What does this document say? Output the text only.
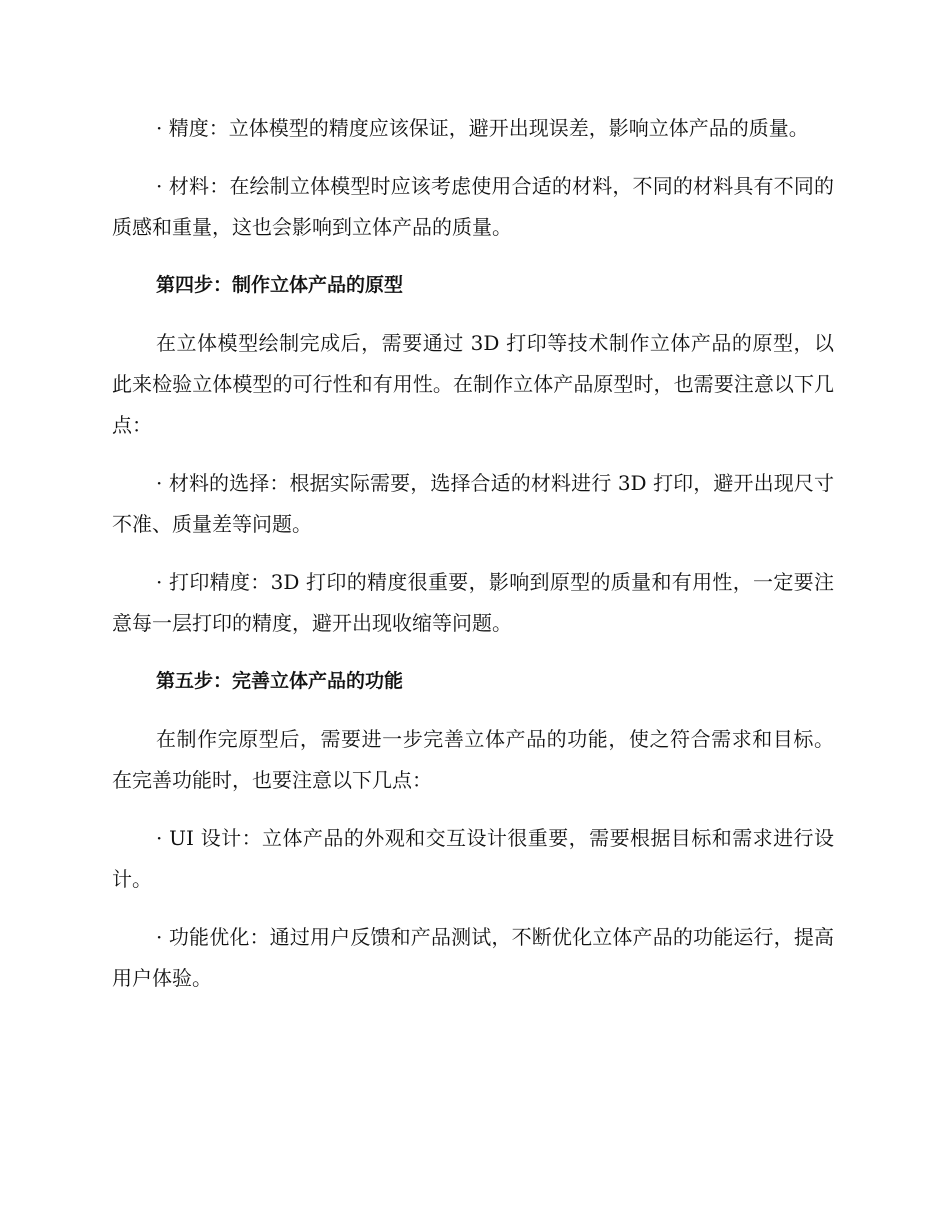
· 精度：立体模型的精度应该保证，避开出现误差，影响立体产品的质量。

· 材料：在绘制立体模型时应该考虑使用合适的材料，不同的材料具有不同的质感和重量，这也会影响到立体产品的质量。

第四步：制作立体产品的原型

在立体模型绘制完成后，需要通过 3D 打印等技术制作立体产品的原型，以此来检验立体模型的可行性和有用性。在制作立体产品原型时，也需要注意以下几点：

· 材料的选择：根据实际需要，选择合适的材料进行 3D 打印，避开出现尺寸不准、质量差等问题。

· 打印精度：3D 打印的精度很重要，影响到原型的质量和有用性，一定要注意每一层打印的精度，避开出现收缩等问题。

第五步：完善立体产品的功能

在制作完原型后，需要进一步完善立体产品的功能，使之符合需求和目标。在完善功能时，也要注意以下几点：

· UI 设计：立体产品的外观和交互设计很重要，需要根据目标和需求进行设计。

· 功能优化：通过用户反馈和产品测试，不断优化立体产品的功能运行，提高用户体验。
